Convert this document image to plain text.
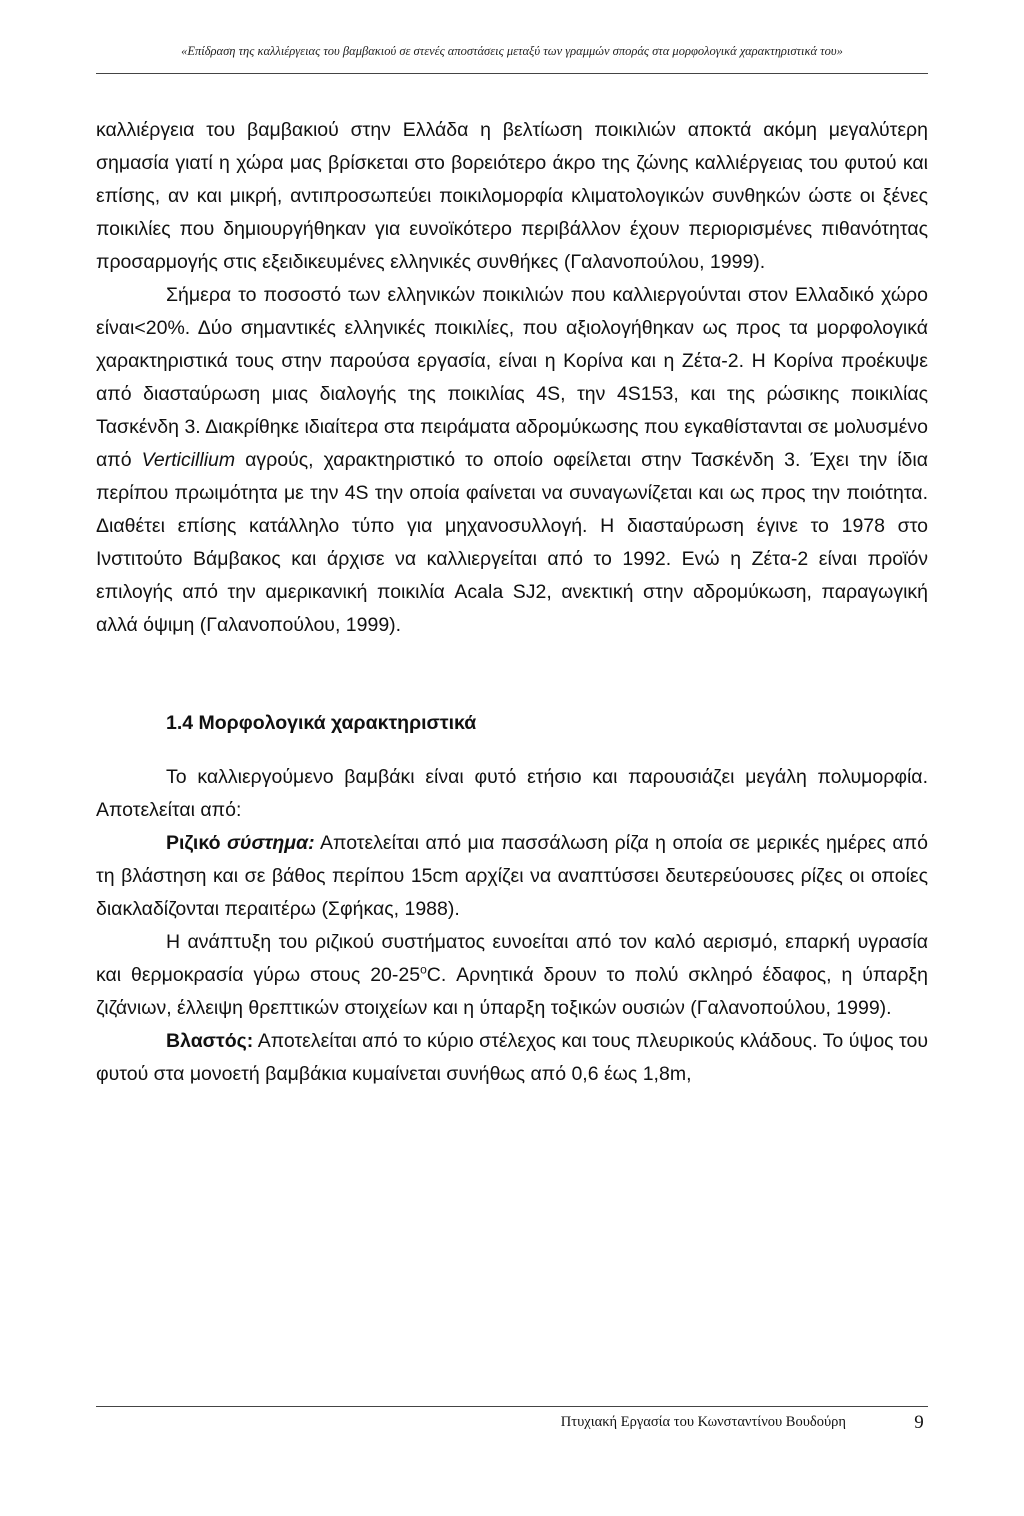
«Επίδραση της καλλιέργειας του βαμβακιού σε στενές αποστάσεις μεταξύ των γραμμών σποράς στα μορφολογικά χαρακτηριστικά του»

καλλιέργεια του βαμβακιού στην Ελλάδα η βελτίωση ποικιλιών αποκτά ακόμη μεγαλύτερη σημασία γιατί η χώρα μας βρίσκεται στο βορειότερο άκρο της ζώνης καλλιέργειας του φυτού και επίσης, αν και μικρή, αντιπροσωπεύει ποικιλομορφία κλιματολογικών συνθηκών ώστε οι ξένες ποικιλίες που δημιουργήθηκαν για ευνοϊκότερο περιβάλλον έχουν περιορισμένες πιθανότητας προσαρμογής στις εξειδικευμένες ελληνικές συνθήκες (Γαλανοπούλου, 1999).

Σήμερα το ποσοστό των ελληνικών ποικιλιών που καλλιεργούνται στον Ελλαδικό χώρο είναι<20%. Δύο σημαντικές ελληνικές ποικιλίες, που αξιολογήθηκαν ως προς τα μορφολογικά χαρακτηριστικά τους στην παρούσα εργασία, είναι η Κορίνα και η Ζέτα-2. Η Κορίνα προέκυψε από διασταύρωση μιας διαλογής της ποικιλίας 4S, την 4S153, και της ρώσικης ποικιλίας Τασκένδη 3. Διακρίθηκε ιδιαίτερα στα πειράματα αδρομύκωσης που εγκαθίστανται σε μολυσμένο από Verticillium αγρούς, χαρακτηριστικό το οποίο οφείλεται στην Τασκένδη 3. Έχει την ίδια περίπου πρωιμότητα με την 4S την οποία φαίνεται να συναγωνίζεται και ως προς την ποιότητα. Διαθέτει επίσης κατάλληλο τύπο για μηχανοσυλλογή. Η διασταύρωση έγινε το 1978 στο Ινστιτούτο Βάμβακος και άρχισε να καλλιεργείται από το 1992. Ενώ η Ζέτα-2 είναι προϊόν επιλογής από την αμερικανική ποικιλία Acala SJ2, ανεκτική στην αδρομύκωση, παραγωγική αλλά όψιμη (Γαλανοπούλου, 1999).

1.4 Μορφολογικά χαρακτηριστικά

Το καλλιεργούμενο βαμβάκι είναι φυτό ετήσιο και παρουσιάζει μεγάλη πολυμορφία. Αποτελείται από:

Ριζικό σύστημα: Αποτελείται από μια πασσάλωση ρίζα η οποία σε μερικές ημέρες από τη βλάστηση και σε βάθος περίπου 15cm αρχίζει να αναπτύσσει δευτερεύουσες ρίζες οι οποίες διακλαδίζονται περαιτέρω (Σφήκας, 1988).

Η ανάπτυξη του ριζικού συστήματος ευνοείται από τον καλό αερισμό, επαρκή υγρασία και θερμοκρασία γύρω στους 20-25$^o$C. Αρνητικά δρουν το πολύ σκληρό έδαφος, η ύπαρξη ζιζάνιων, έλλειψη θρεπτικών στοιχείων και η ύπαρξη τοξικών ουσιών (Γαλανοπούλου, 1999).

Βλαστός: Αποτελείται από το κύριο στέλεχος και τους πλευρικούς κλάδους. Το ύψος του φυτού στα μονοετή βαμβάκια κυμαίνεται συνήθως από 0,6 έως 1,8m,

Πτυχιακή Εργασία του Κωνσταντίνου Βουδούρη	9
